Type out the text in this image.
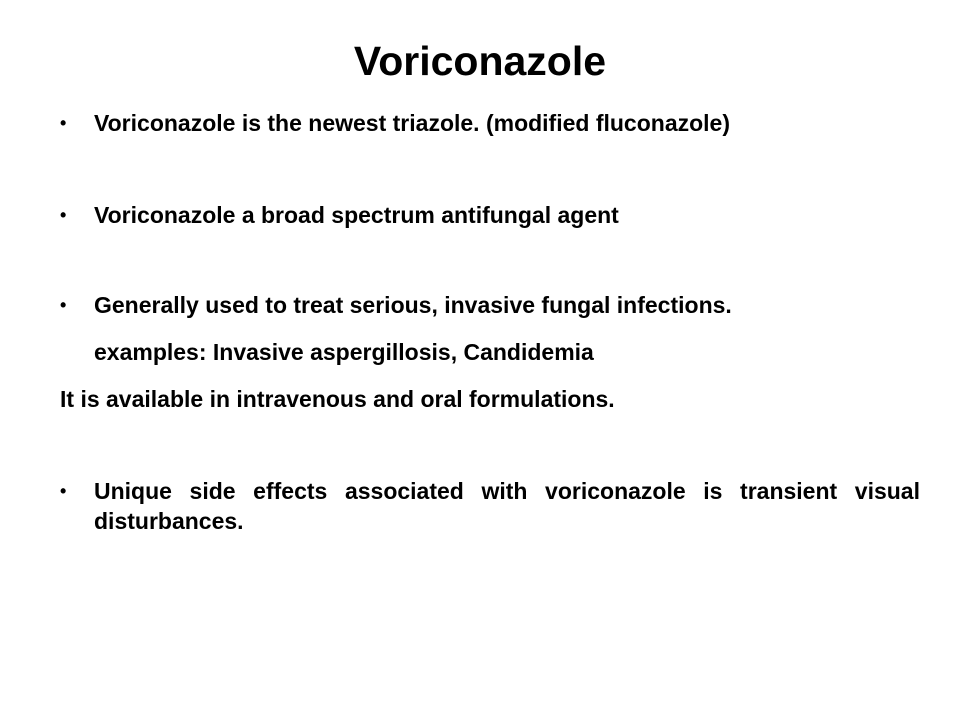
Voriconazole
•	Voriconazole is the newest triazole. (modified fluconazole)
•	Voriconazole a broad spectrum antifungal agent
•	Generally used to treat serious, invasive fungal infections.
examples: Invasive aspergillosis, Candidemia
It is available in intravenous and oral formulations.
•	Unique side effects associated with voriconazole is transient visual disturbances.
